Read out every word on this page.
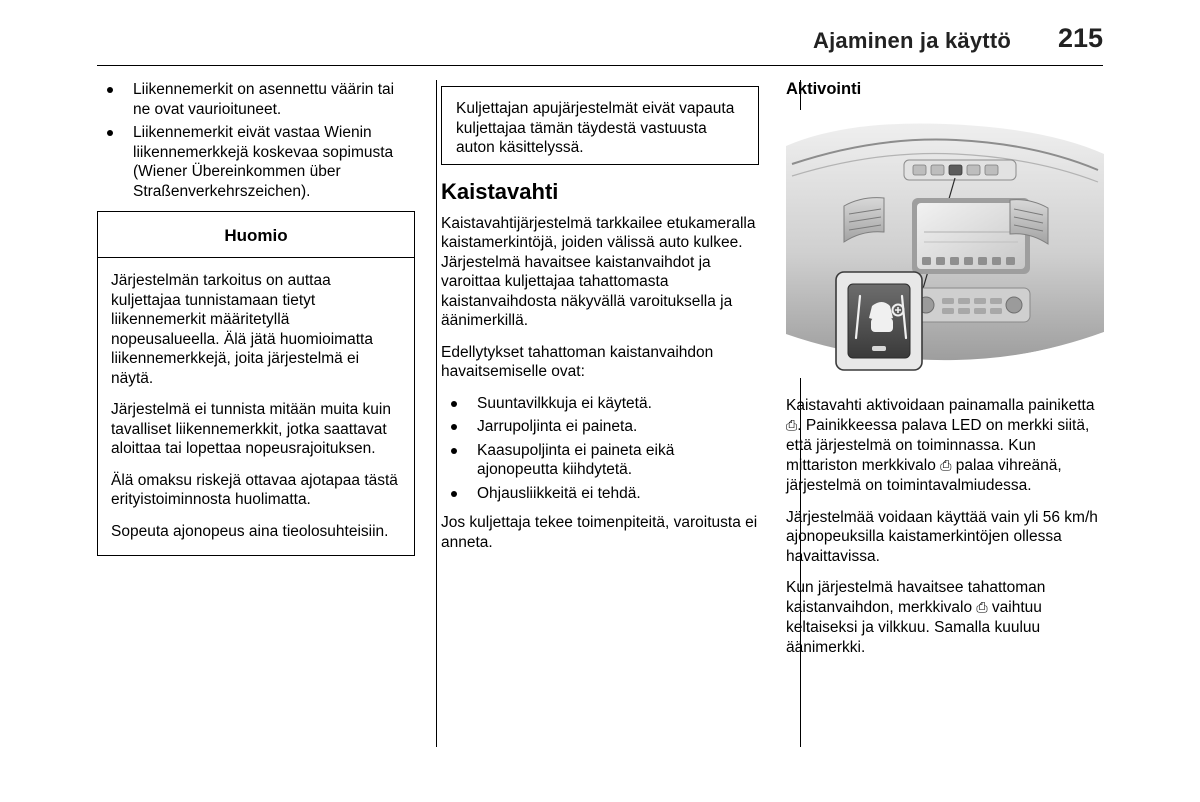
Ajaminen ja käyttö 215
Liikennemerkit on asennettu väärin tai ne ovat vaurioituneet.
Liikennemerkit eivät vastaa Wienin liikennemerkkejä koskevaa sopimusta (Wiener Übereinkommen über Straßenverkehrszeichen).
Huomio

Järjestelmän tarkoitus on auttaa kuljettajaa tunnistamaan tietyt liikennemerkit määritetyllä nopeusalueella. Älä jätä huomioimatta liikennemerkkejä, joita järjestelmä ei näytä.

Järjestelmä ei tunnista mitään muita kuin tavalliset liikennemerkkit, jotka saattavat aloittaa tai lopettaa nopeusrajoituksen.

Älä omaksu riskejä ottavaa ajotapaa tästä erityistoiminnosta huolimatta.

Sopeuta ajonopeus aina tieolosuhteisiin.

Kuljettajan apujärjestelmät eivät vapauta kuljettajaa tämän täydestä vastuusta auton käsittelyssä.

Kaistavahti

Kaistavahtijärjestelmä tarkkailee etukameralla kaistamerkintöjä, joiden välissä auto kulkee. Järjestelmä havaitsee kaistanvaihdot ja varoittaa kuljettajaa tahattomasta kaistanvaihdosta näkyvällä varoituksella ja äänimerkillä.

Edellytykset tahattoman kaistanvaihdon havaitsemiselle ovat:

Suuntavilkkuja ei käytetä.
Jarrupoljinta ei paineta.
Kaasupoljinta ei paineta eikä ajonopeutta kiihdytetä.
Ohjausliikkeitä ei tehdä.

Jos kuljettaja tekee toimenpiteitä, varoitusta ei anneta.

Aktivointi

Kaistavahti aktivoidaan painamalla painiketta ⎙. Painikkeessa palava LED on merkki siitä, että järjestelmä on toiminnassa. Kun mittariston merkkivalo ⎙ palaa vihreänä, järjestelmä on toimintavalmiudessa.

Järjestelmää voidaan käyttää vain yli 56 km/h ajonopeuksilla kaistamerkintöjen ollessa havaittavissa.

Kun järjestelmä havaitsee tahattoman kaistanvaihdon, merkkivalo ⎙ vaihtuu keltaiseksi ja vilkkuu. Samalla kuuluu äänimerkki.
